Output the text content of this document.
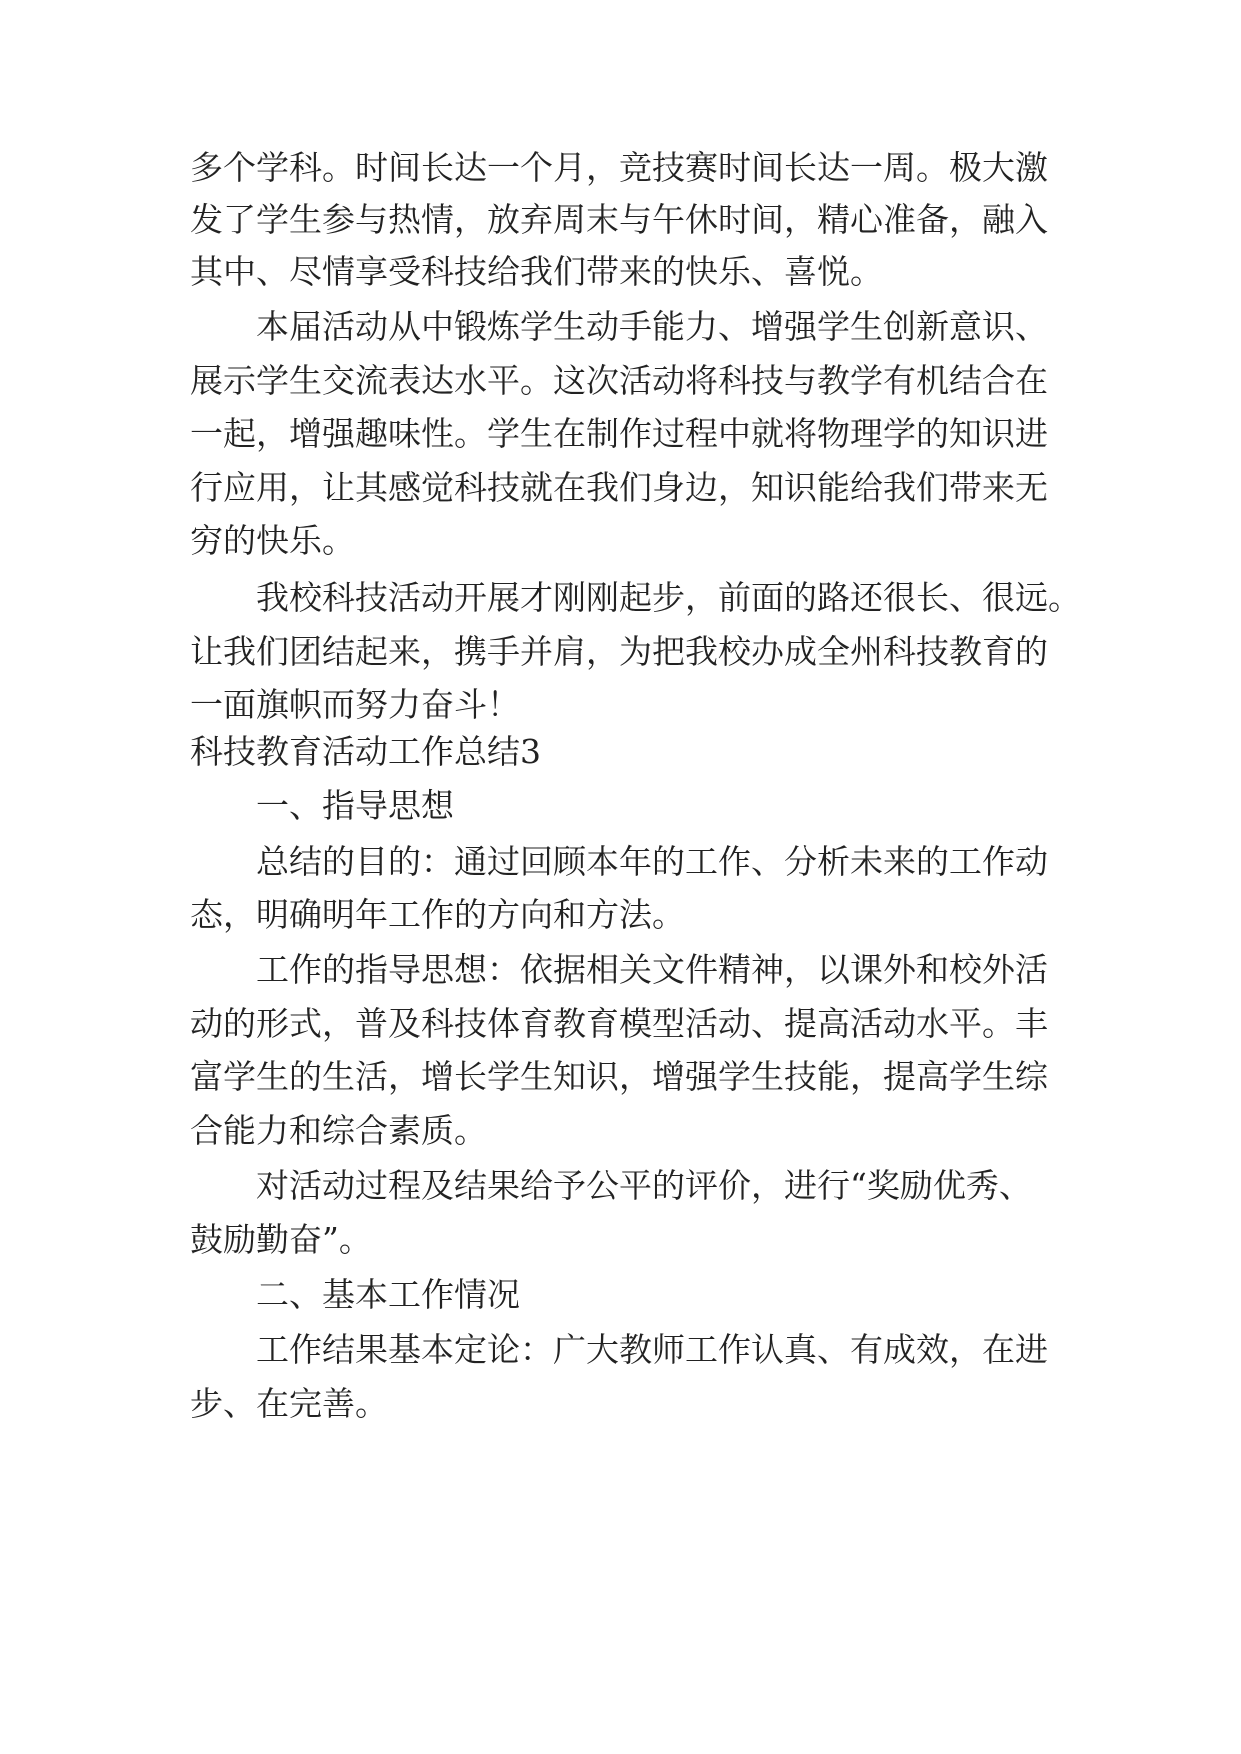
多个学科。时间长达一个月，竞技赛时间长达一周。极大激
发了学生参与热情，放弃周末与午休时间，精心准备，融入
其中、尽情享受科技给我们带来的快乐、喜悦。
本届活动从中锻炼学生动手能力、增强学生创新意识、
展示学生交流表达水平。这次活动将科技与教学有机结合在
一起，增强趣味性。学生在制作过程中就将物理学的知识进
行应用，让其感觉科技就在我们身边，知识能给我们带来无
穷的快乐。
我校科技活动开展才刚刚起步，前面的路还很长、很远。
让我们团结起来，携手并肩，为把我校办成全州科技教育的
一面旗帜而努力奋斗！
科技教育活动工作总结3
一、指导思想
总结的目的：通过回顾本年的工作、分析未来的工作动
态，明确明年工作的方向和方法。
工作的指导思想：依据相关文件精神，以课外和校外活
动的形式，普及科技体育教育模型活动、提高活动水平。丰
富学生的生活，增长学生知识，增强学生技能，提高学生综
合能力和综合素质。
对活动过程及结果给予公平的评价，进行“奖励优秀、
鼓励勤奋”。
二、基本工作情况
工作结果基本定论：广大教师工作认真、有成效，在进
步、在完善。
